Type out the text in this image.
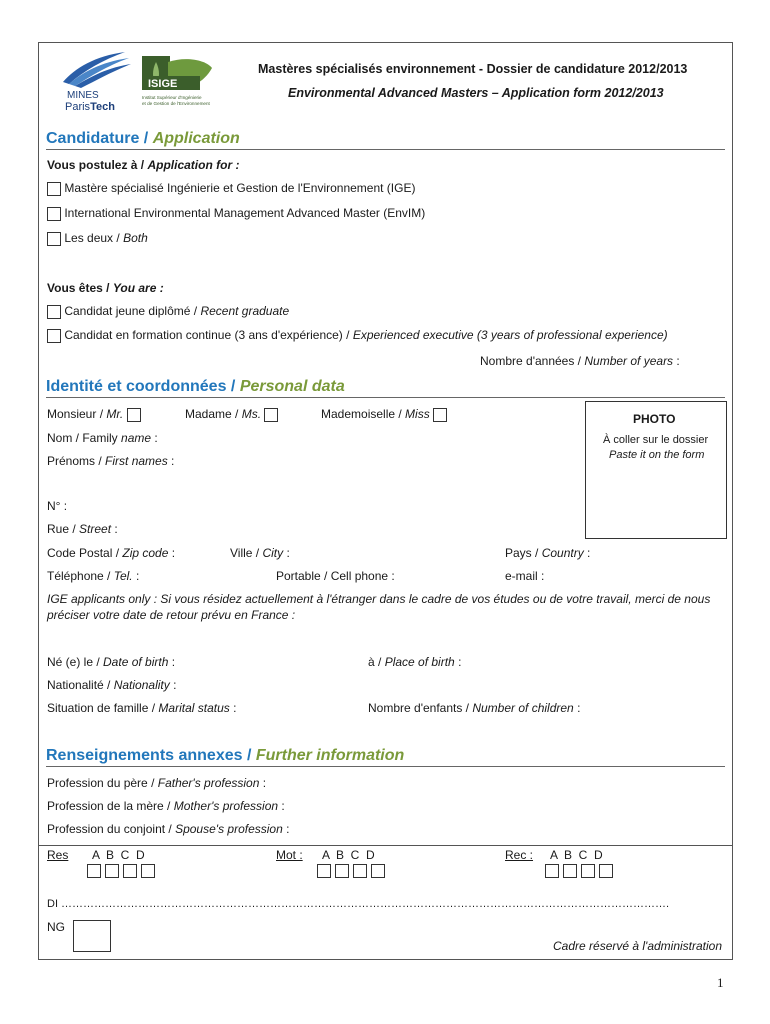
MINES
ParisTech
ISIGE
Institut Supérieur d'Ingénierie
et de Gestion de l'Environnement
Mastères spécialisés environnement - Dossier de candidature 2012/2013
Environmental Advanced Masters – Application form 2012/2013
Candidature / Application
Vous postulez à / Application for :
Mastère spécialisé Ingénierie et Gestion de l'Environnement (IGE)
International Environmental Management Advanced Master (EnvIM)
Les deux / Both
Vous êtes / You are :
Candidat jeune diplômé / Recent graduate
Candidat en formation continue (3 ans d'expérience) / Experienced executive (3 years of professional experience)
Nombre d'années / Number of years :
Identité et coordonnées / Personal data
Monsieur / Mr.	Madame / Ms.	Mademoiselle / Miss	PHOTO
À coller sur le dossier
Paste it on the form
Nom / Family name :
Prénoms / First names :
N° :
Rue / Street :
Code Postal / Zip code :	Ville / City :	Pays / Country :
Téléphone / Tel. :	Portable / Cell phone :	e-mail :
IGE applicants only : Si vous résidez actuellement à l'étranger dans le cadre de vos études ou de votre travail, merci de nous
préciser votre date de retour prévu en France :
Né (e) le / Date of birth :	à / Place of birth :
Nationalité / Nationality :
Situation de famille / Marital status :	Nombre d'enfants / Number of children :
Renseignements annexes / Further information
Profession du père / Father's profession :
Profession de la mère / Mother's profession :
Profession du conjoint / Spouse's profession :
Res A  B  C  D	Mot : A  B  C  D	Rec : A  B  C  D
DI ………………………………………………………………………………………………………………………………………………….
NG
Cadre réservé à l'administration
1
